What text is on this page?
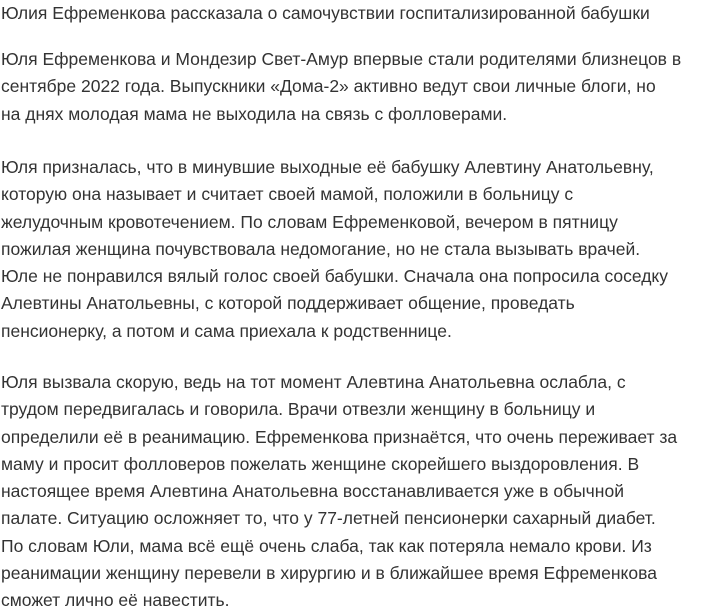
Юлия Ефременкова рассказала о самочувствии госпитализированной бабушки

Юля Ефременкова и Мондезир Свет-Амур впервые стали родителями близнецов в
сентябре 2022 года. Выпускники «Дома-2» активно ведут свои личные блоги, но
на днях молодая мама не выходила на связь с фолловерами.

Юля призналась, что в минувшие выходные её бабушку Алевтину Анатольевну,
которую она называет и считает своей мамой, положили в больницу с
желудочным кровотечением. По словам Ефременковой, вечером в пятницу
пожилая женщина почувствовала недомогание, но не стала вызывать врачей.
Юле не понравился вялый голос своей бабушки. Сначала она попросила соседку
Алевтины Анатольевны, с которой поддерживает общение, проведать
пенсионерку, а потом и сама приехала к родственнице.

Юля вызвала скорую, ведь на тот момент Алевтина Анатольевна ослабла, с
трудом передвигалась и говорила. Врачи отвезли женщину в больницу и
определили её в реанимацию. Ефременкова признаётся, что очень переживает за
маму и просит фолловеров пожелать женщине скорейшего выздоровления. В
настоящее время Алевтина Анатольевна восстанавливается уже в обычной
палате. Ситуацию осложняет то, что у 77-летней пенсионерки сахарный диабет.
По словам Юли, мама всё ещё очень слаба, так как потеряла немало крови. Из
реанимации женщину перевели в хирургию и в ближайшее время Ефременкова
сможет лично её навестить.
